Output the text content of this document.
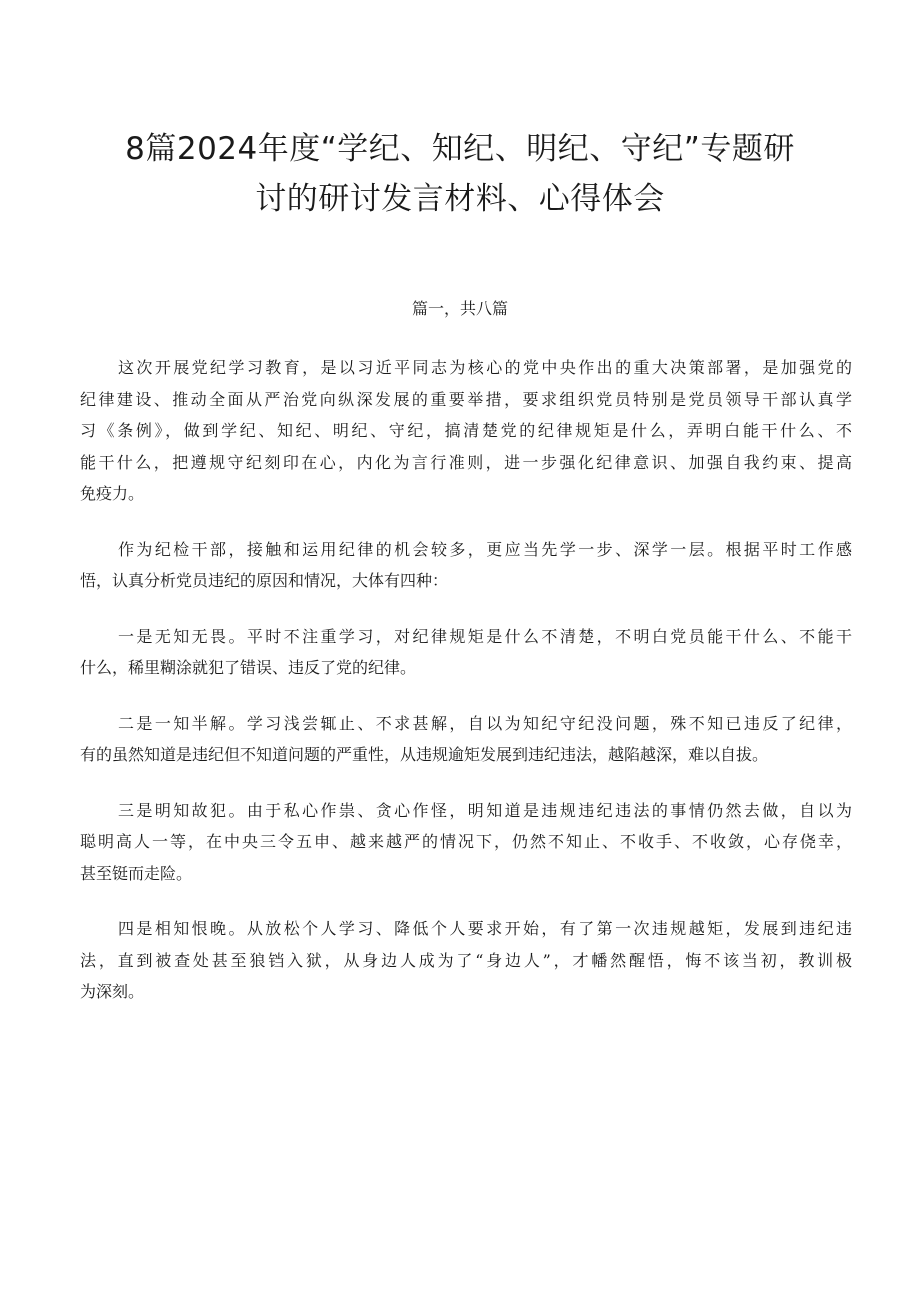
8篇2024年度“学纪、知纪、明纪、守纪”专题研
讨的研讨发言材料、心得体会
篇一，共八篇

这次开展党纪学习教育，是以习近平同志为核心的党中央作出的重大决策部署，是加强党的
纪律建设、推动全面从严治党向纵深发展的重要举措，要求组织党员特别是党员领导干部认真学
习《条例》，做到学纪、知纪、明纪、守纪，搞清楚党的纪律规矩是什么，弄明白能干什么、不
能干什么，把遵规守纪刻印在心，内化为言行准则，进一步强化纪律意识、加强自我约束、提高
免疫力。

作为纪检干部，接触和运用纪律的机会较多，更应当先学一步、深学一层。根据平时工作感
悟，认真分析党员违纪的原因和情况，大体有四种：

一是无知无畏。平时不注重学习，对纪律规矩是什么不清楚，不明白党员能干什么、不能干
什么，稀里糊涂就犯了错误、违反了党的纪律。

二是一知半解。学习浅尝辄止、不求甚解，自以为知纪守纪没问题，殊不知已违反了纪律，
有的虽然知道是违纪但不知道问题的严重性，从违规逾矩发展到违纪违法，越陷越深，难以自拔。

三是明知故犯。由于私心作祟、贪心作怪，明知道是违规违纪违法的事情仍然去做，自以为
聪明高人一等，在中央三令五申、越来越严的情况下，仍然不知止、不收手、不收敛，心存侥幸，
甚至铤而走险。

四是相知恨晚。从放松个人学习、降低个人要求开始，有了第一次违规越矩，发展到违纪违
法，直到被查处甚至狼铛入狱，从身边人成为了“身边人”，才幡然醒悟，悔不该当初，教训极
为深刻。
